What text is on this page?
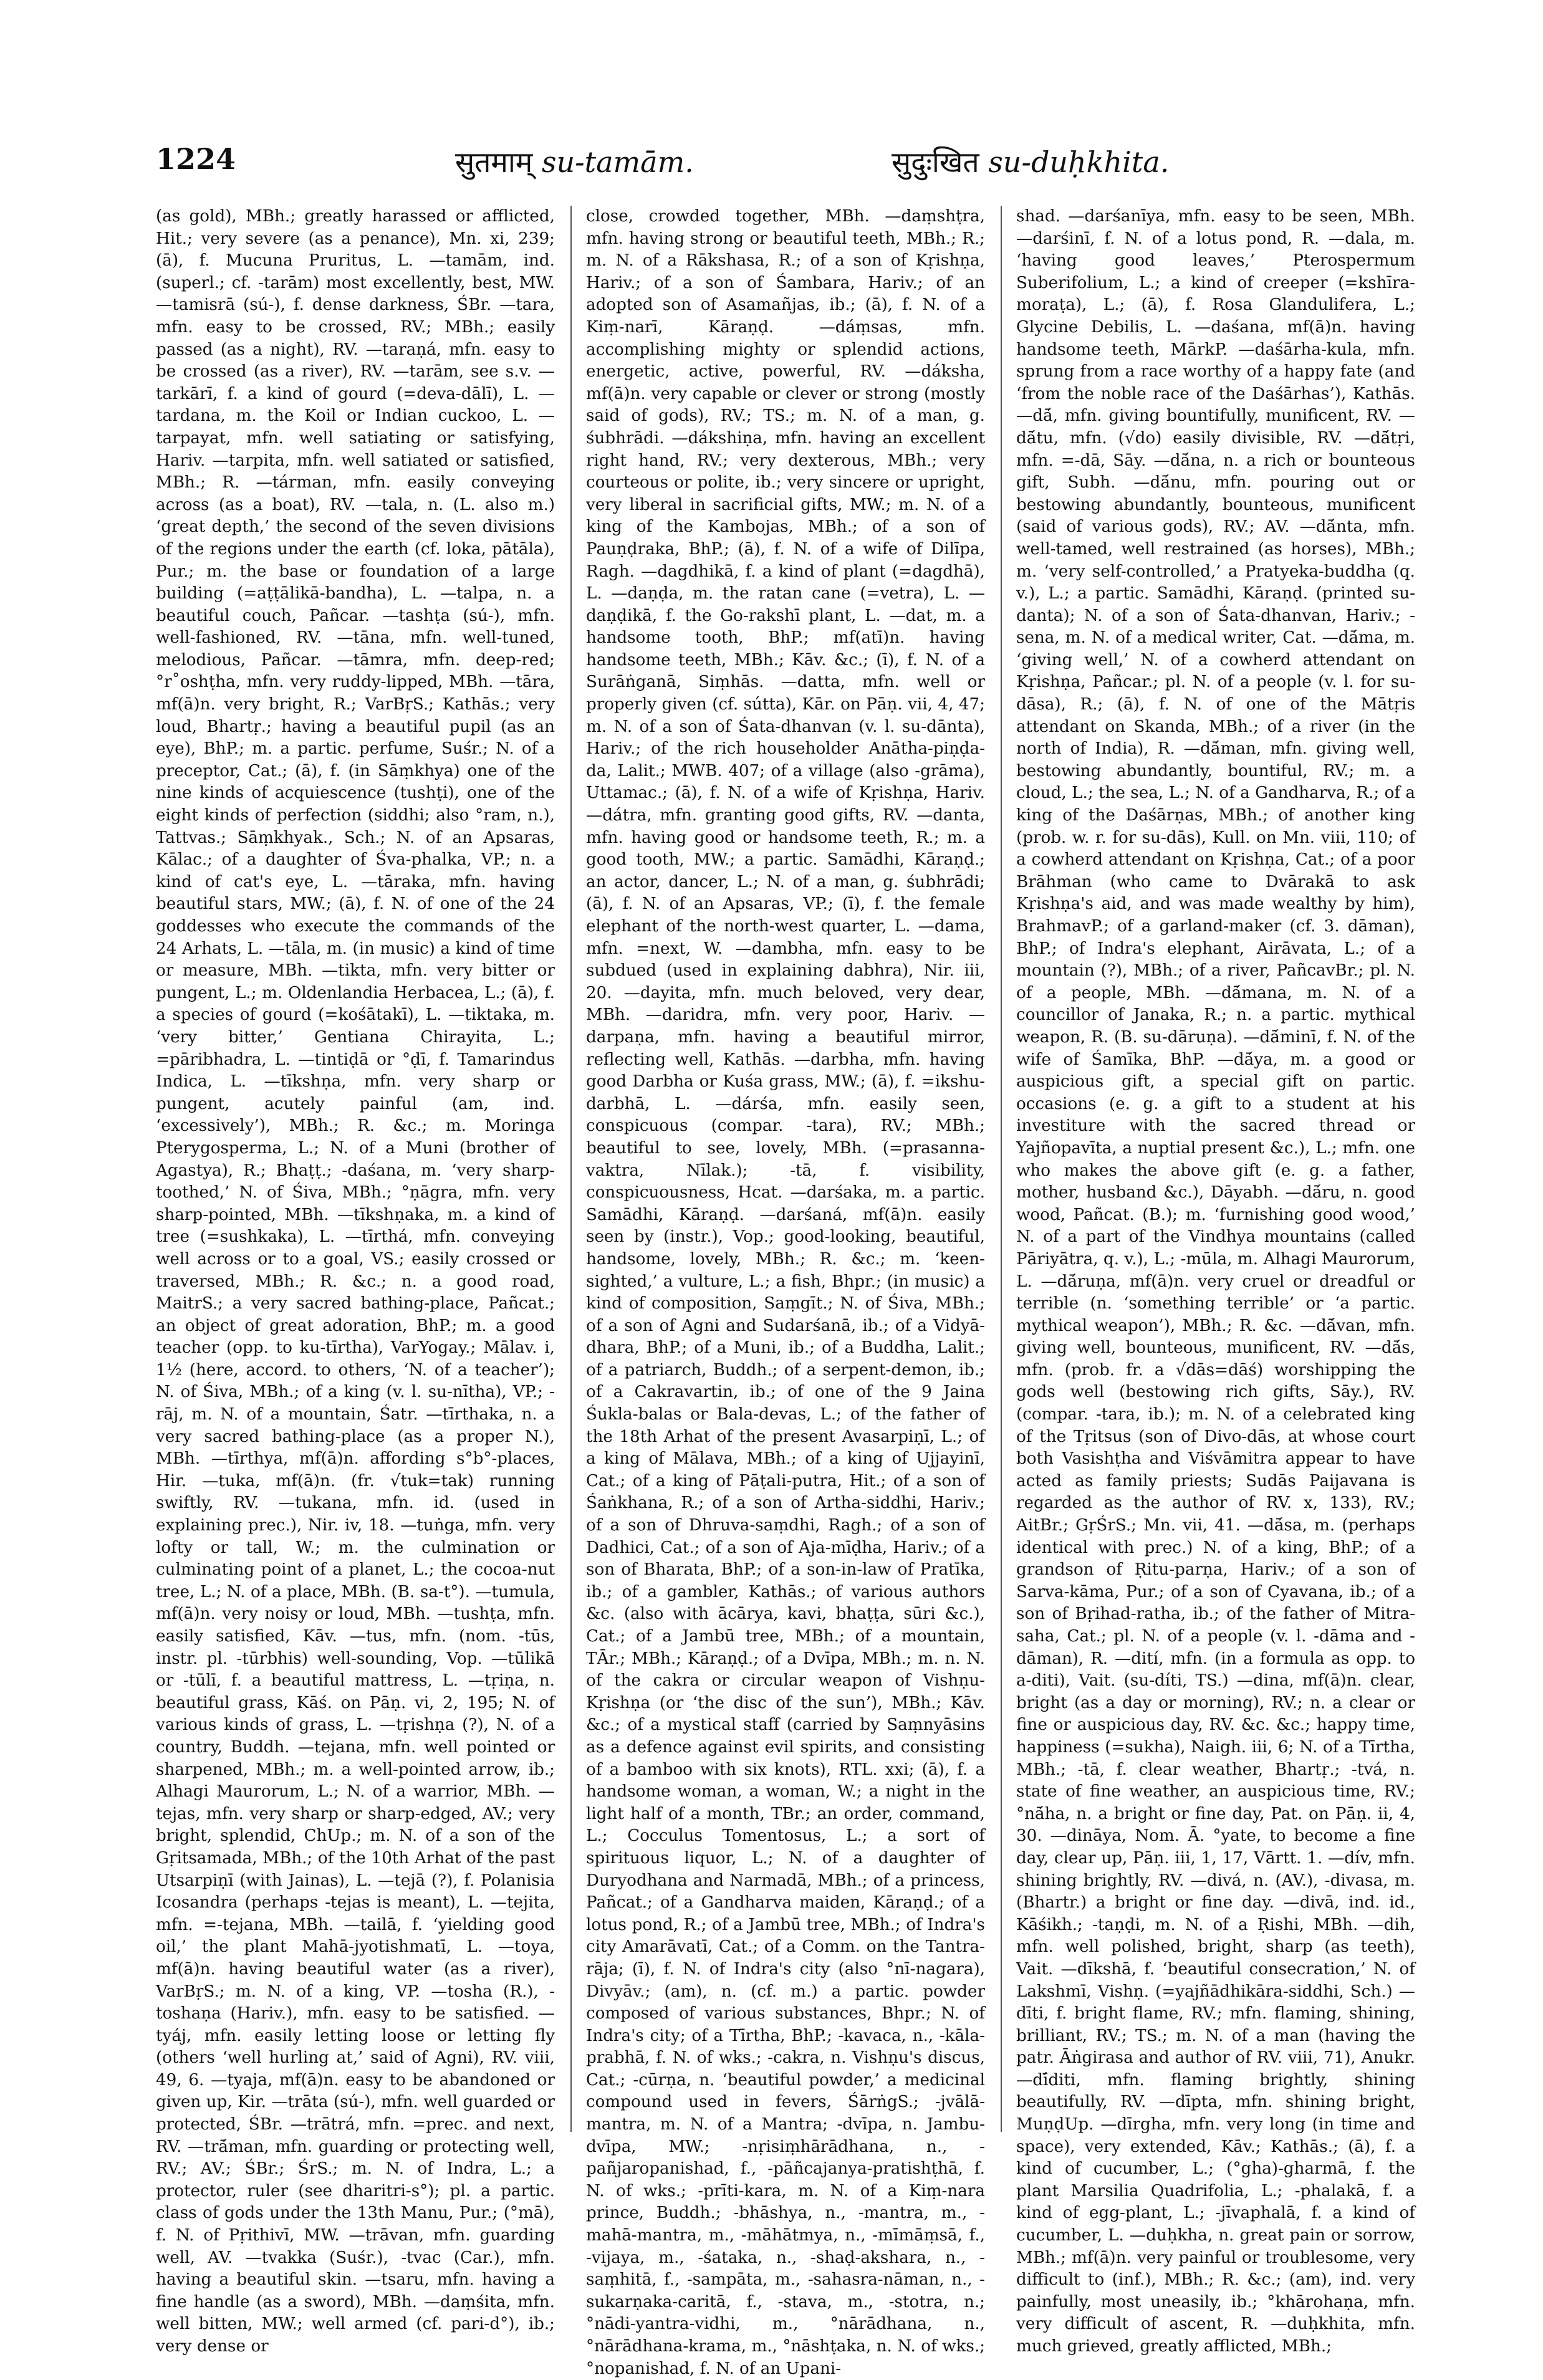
1224	सुतमाम् su-tamām.	सुदुःखित su-duḥkhita.
(as gold), MBh.; greatly harassed or afflicted, Hit.; very severe (as a penance), Mn. xi, 239; (ā), f. Mucuna Pruritus, L. —tamām, ind. (superl.; cf. -tarām) most excellently, best, MW. —tamisrā (sú-), f. dense darkness, ŚBr. —tara, mfn. easy to be crossed, RV.; MBh.; easily passed (as a night), RV. —taraṇá, mfn. easy to be crossed (as a river), RV. —tarām, see s.v. —tarkārī, f. a kind of gourd (=deva-dālī), L. —tardana, m. the Koil or Indian cuckoo, L. —tarpayat, mfn. well satiating or satisfying, Hariv. —tarpita, mfn. well satiated or satisfied, MBh.; R. —tárman, mfn. easily conveying across (as a boat), RV. —tala, n. (L. also m.) ‘great depth,’ the second of the seven divisions of the regions under the earth (cf. loka, pātāla), Pur.; m. the base or foundation of a large building (=aṭṭālikā-bandha), L. —talpa, n. a beautiful couch, Pañcar. —tashṭa (sú-), mfn. well-fashioned, RV. —tāna, mfn. well-tuned, melodious, Pañcar. —tāmra, mfn. deep-red; °r˚oshṭha, mfn. very ruddy-lipped, MBh. —tāra, mf(ā)n. very bright, R.; VarBṛS.; Kathās.; very loud, Bhartṛ.; having a beautiful pupil (as an eye), BhP.; m. a partic. perfume, Suśr.; N. of a preceptor, Cat.; (ā), f. (in Sāṃkhya) one of the nine kinds of acquiescence (tushṭi), one of the eight kinds of perfection (siddhi; also °ram, n.), Tattvas.; Sāṃkhyak., Sch.; N. of an Apsaras, Kālac.; of a daughter of Śva-phalka, VP.; n. a kind of cat's eye, L. —tāraka, mfn. having beautiful stars, MW.; (ā), f. N. of one of the 24 goddesses who execute the commands of the 24 Arhats, L. —tāla, m. (in music) a kind of time or measure, MBh. —tikta, mfn. very bitter or pungent, L.; m. Oldenlandia Herbacea, L.; (ā), f. a species of gourd (=kośātakī), L. —tiktaka, m. ‘very bitter,’ Gentiana Chirayita, L.; =pāribhadra, L. —tintiḍā or °ḍī, f. Tamarindus Indica, L. —tīkshṇa, mfn. very sharp or pungent, acutely painful (am, ind. ‘excessively’), MBh.; R. &c.; m. Moringa Pterygosperma, L.; N. of a Muni (brother of Agastya), R.; Bhaṭṭ.; -daśana, m. ‘very sharp-toothed,’ N. of Śiva, MBh.; °ṇāgra, mfn. very sharp-pointed, MBh. —tīkshṇaka, m. a kind of tree (=sushkaka), L. —tīrthá, mfn. conveying well across or to a goal, VS.; easily crossed or traversed, MBh.; R. &c.; n. a good road, MaitrS.; a very sacred bathing-place, Pañcat.; an object of great adoration, BhP.; m. a good teacher (opp. to ku-tīrtha), VarYogay.; Mālav. i, 1½ (here, accord. to others, ‘N. of a teacher’); N. of Śiva, MBh.; of a king (v. l. su-nītha), VP.; -rāj, m. N. of a mountain, Śatr. —tīrthaka, n. a very sacred bathing-place (as a proper N.), MBh. —tīrthya, mf(ā)n. affording s°b°-places, Hir. —tuka, mf(ā)n. (fr. √tuk=tak) running swiftly, RV. —tukana, mfn. id. (used in explaining prec.), Nir. iv, 18. —tuṅga, mfn. very lofty or tall, W.; m. the culmination or culminating point of a planet, L.; the cocoa-nut tree, L.; N. of a place, MBh. (B. sa-t°). —tumula, mf(ā)n. very noisy or loud, MBh. —tushṭa, mfn. easily satisfied, Kāv. —tus, mfn. (nom. -tūs, instr. pl. -tūrbhis) well-sounding, Vop. —tūlikā or -tūlī, f. a beautiful mattress, L. —tṛiṇa, n. beautiful grass, Kāś. on Pāṇ. vi, 2, 195; N. of various kinds of grass, L. —tṛishṇa (?), N. of a country, Buddh. —tejana, mfn. well pointed or sharpened, MBh.; m. a well-pointed arrow, ib.; Alhagi Maurorum, L.; N. of a warrior, MBh. —tejas, mfn. very sharp or sharp-edged, AV.; very bright, splendid, ChUp.; m. N. of a son of the Gṛitsamada, MBh.; of the 10th Arhat of the past Utsarpiṇī (with Jainas), L. —tejā (?), f. Polanisia Icosandra (perhaps -tejas is meant), L. —tejita, mfn. =-tejana, MBh. —tailā, f. ‘yielding good oil,’ the plant Mahā-jyotishmatī, L. —toya, mf(ā)n. having beautiful water (as a river), VarBṛS.; m. N. of a king, VP. —tosha (R.), -toshaṇa (Hariv.), mfn. easy to be satisfied. —tyáj, mfn. easily letting loose or letting fly (others ‘well hurling at,’ said of Agni), RV. viii, 49, 6. —tyaja, mf(ā)n. easy to be abandoned or given up, Kir. —trāta (sú-), mfn. well guarded or protected, ŚBr. —trātrá, mfn. =prec. and next, RV. —trā́man, mfn. guarding or protecting well, RV.; AV.; ŚBr.; ŚrS.; m. N. of Indra, L.; a protector, ruler (see dharitri-s°); pl. a partic. class of gods under the 13th Manu, Pur.; (°mā), f. N. of Pṛithivī, MW. —trāvan, mfn. guarding well, AV. —tvakka (Suśr.), -tvac (Car.), mfn. having a beautiful skin. —tsaru, mfn. having a fine handle (as a sword), MBh. —daṃśita, mfn. well bitten, MW.; well armed (cf. pari-d°), ib.; very dense or
close, crowded together, MBh. —daṃshṭra, mfn. having strong or beautiful teeth, MBh.; R.; m. N. of a Rākshasa, R.; of a son of Kṛishṇa, Hariv.; of a son of Śambara, Hariv.; of an adopted son of Asamañjas, ib.; (ā), f. N. of a Kiṃ-narī, Kāraṇḍ. —dáṃsas, mfn. accomplishing mighty or splendid actions, energetic, active, powerful, RV. —dáksha, mf(ā)n. very capable or clever or strong (mostly said of gods), RV.; TS.; m. N. of a man, g. śubhrādi. —dákshiṇa, mfn. having an excellent right hand, RV.; very dexterous, MBh.; very courteous or polite, ib.; very sincere or upright, very liberal in sacrificial gifts, MW.; m. N. of a king of the Kambojas, MBh.; of a son of Pauṇḍraka, BhP.; (ā), f. N. of a wife of Dilīpa, Ragh. —dagdhikā, f. a kind of plant (=dagdhā), L. —daṇḍa, m. the ratan cane (=vetra), L. —daṇḍikā, f. the Go-rakshī plant, L. —dat, m. a handsome tooth, BhP.; mf(atī)n. having handsome teeth, MBh.; Kāv. &c.; (ī), f. N. of a Surāṅganā, Siṃhās. —datta, mfn. well or properly given (cf. sútta), Kār. on Pāṇ. vii, 4, 47; m. N. of a son of Śata-dhanvan (v. l. su-dānta), Hariv.; of the rich householder Anātha-piṇḍa-da, Lalit.; MWB. 407; of a village (also -grāma), Uttamac.; (ā), f. N. of a wife of Kṛishṇa, Hariv. —dátra, mfn. granting good gifts, RV. —danta, mfn. having good or handsome teeth, R.; m. a good tooth, MW.; a partic. Samādhi, Kāraṇḍ.; an actor, dancer, L.; N. of a man, g. śubhrādi; (ā), f. N. of an Apsaras, VP.; (ī), f. the female elephant of the north-west quarter, L. —dama, mfn. =next, W. —dambha, mfn. easy to be subdued (used in explaining dabhra), Nir. iii, 20. —dayita, mfn. much beloved, very dear, MBh. —daridra, mfn. very poor, Hariv. —darpaṇa, mfn. having a beautiful mirror, reflecting well, Kathās. —darbha, mfn. having good Darbha or Kuśa grass, MW.; (ā), f. =ikshu-darbhā, L. —dárśa, mfn. easily seen, conspicuous (compar. -tara), RV.; MBh.; beautiful to see, lovely, MBh. (=prasanna-vaktra, Nīlak.); -tā, f. visibility, conspicuousness, Hcat. —darśaka, m. a partic. Samādhi, Kāraṇḍ. —darśaná, mf(ā)n. easily seen by (instr.), Vop.; good-looking, beautiful, handsome, lovely, MBh.; R. &c.; m. ‘keen-sighted,’ a vulture, L.; a fish, Bhpr.; (in music) a kind of composition, Saṃgīt.; N. of Śiva, MBh.; of a son of Agni and Sudarśanā, ib.; of a Vidyā-dhara, BhP.; of a Muni, ib.; of a Buddha, Lalit.; of a patriarch, Buddh.; of a serpent-demon, ib.; of a Cakravartin, ib.; of one of the 9 Jaina Śukla-balas or Bala-devas, L.; of the father of the 18th Arhat of the present Avasarpiṇī, L.; of a king of Mālava, MBh.; of a king of Ujjayinī, Cat.; of a king of Pāṭali-putra, Hit.; of a son of Śaṅkhana, R.; of a son of Artha-siddhi, Hariv.; of a son of Dhruva-saṃdhi, Ragh.; of a son of Dadhici, Cat.; of a son of Aja-mīḍha, Hariv.; of a son of Bharata, BhP.; of a son-in-law of Pratīka, ib.; of a gambler, Kathās.; of various authors &c. (also with ācārya, kavi, bhaṭṭa, sūri &c.), Cat.; of a Jambū tree, MBh.; of a mountain, TĀr.; MBh.; Kāraṇḍ.; of a Dvīpa, MBh.; m. n. N. of the cakra or circular weapon of Vishṇu-Kṛishṇa (or ‘the disc of the sun’), MBh.; Kāv. &c.; of a mystical staff (carried by Saṃnyāsins as a defence against evil spirits, and consisting of a bamboo with six knots), RTL. xxi; (ā), f. a handsome woman, a woman, W.; a night in the light half of a month, TBr.; an order, command, L.; Cocculus Tomentosus, L.; a sort of spirituous liquor, L.; N. of a daughter of Duryodhana and Narmadā, MBh.; of a princess, Pañcat.; of a Gandharva maiden, Kāraṇḍ.; of a lotus pond, R.; of a Jambū tree, MBh.; of Indra's city Amarāvatī, Cat.; of a Comm. on the Tantra-rāja; (ī), f. N. of Indra's city (also °nī-nagara), Divyāv.; (am), n. (cf. m.) a partic. powder composed of various substances, Bhpr.; N. of Indra's city; of a Tīrtha, BhP.; -kavaca, n., -kāla-prabhā, f. N. of wks.; -cakra, n. Vishṇu's discus, Cat.; -cūrṇa, n. ‘beautiful powder,’ a medicinal compound used in fevers, ŚārṅgS.; -jvālā-mantra, m. N. of a Mantra; -dvīpa, n. Jambu-dvīpa, MW.; -nṛisiṃhārādhana, n., -pañjaropanishad, f., -pāñcajanya-pratishṭhā, f. N. of wks.; -prīti-kara, m. N. of a Kiṃ-nara prince, Buddh.; -bhāshya, n., -mantra, m., -mahā-mantra, m., -māhātmya, n., -mīmāṃsā, f., -vijaya, m., -śataka, n., -shaḍ-akshara, n., -saṃhitā, f., -sampāta, m., -sahasra-nāman, n., -sukarṇaka-caritā, f., -stava, m., -stotra, n.; °nādi-yantra-vidhi, m., °nārādhana, n., °nārādhana-krama, m., °nāshṭaka, n. N. of wks.; °nopanishad, f. N. of an Upani-
shad. —darśanīya, mfn. easy to be seen, MBh. —darśinī, f. N. of a lotus pond, R. —dala, m. ‘having good leaves,’ Pterospermum Suberifolium, L.; a kind of creeper (=kshīra-moraṭa), L.; (ā), f. Rosa Glandulifera, L.; Glycine Debilis, L. —daśana, mf(ā)n. having handsome teeth, MārkP. —daśārha-kula, mfn. sprung from a race worthy of a happy fate (and ‘from the noble race of the Daśārhas’), Kathās. —dā́, mfn. giving bountifully, munificent, RV. —dā́tu, mfn. (√do) easily divisible, RV. —dā́tṛi, mfn. =-dā, Sāy. —dā́na, n. a rich or bounteous gift, Subh. —dā́nu, mfn. pouring out or bestowing abundantly, bounteous, munificent (said of various gods), RV.; AV. —dā́nta, mfn. well-tamed, well restrained (as horses), MBh.; m. ‘very self-controlled,’ a Pratyeka-buddha (q. v.), L.; a partic. Samādhi, Kāraṇḍ. (printed su-danta); N. of a son of Śata-dhanvan, Hariv.; -sena, m. N. of a medical writer, Cat. —dā́ma, m. ‘giving well,’ N. of a cowherd attendant on Kṛishṇa, Pañcar.; pl. N. of a people (v. l. for su-dāsa), R.; (ā), f. N. of one of the Mātṛis attendant on Skanda, MBh.; of a river (in the north of India), R. —dā́man, mfn. giving well, bestowing abundantly, bountiful, RV.; m. a cloud, L.; the sea, L.; N. of a Gandharva, R.; of a king of the Daśārṇas, MBh.; of another king (prob. w. r. for su-dās), Kull. on Mn. viii, 110; of a cowherd attendant on Kṛishṇa, Cat.; of a poor Brāhman (who came to Dvārakā to ask Kṛishṇa's aid, and was made wealthy by him), BrahmavP.; of a garland-maker (cf. 3. dāman), BhP.; of Indra's elephant, Airāvata, L.; of a mountain (?), MBh.; of a river, PañcavBr.; pl. N. of a people, MBh. —dā́mana, m. N. of a councillor of Janaka, R.; n. a partic. mythical weapon, R. (B. su-dāruṇa). —dā́minī, f. N. of the wife of Śamīka, BhP. —dā́ya, m. a good or auspicious gift, a special gift on partic. occasions (e. g. a gift to a student at his investiture with the sacred thread or Yajñopavīta, a nuptial present &c.), L.; mfn. one who makes the above gift (e. g. a father, mother, husband &c.), Dāyabh. —dā́ru, n. good wood, Pañcat. (B.); m. ‘furnishing good wood,’ N. of a part of the Vindhya mountains (called Pāriyātra, q. v.), L.; -mūla, m. Alhagi Maurorum, L. —dā́ruṇa, mf(ā)n. very cruel or dreadful or terrible (n. ‘something terrible’ or ‘a partic. mythical weapon’), MBh.; R. &c. —dā́van, mfn. giving well, bounteous, munificent, RV. —dā́s, mfn. (prob. fr. a √dās=dāś) worshipping the gods well (bestowing rich gifts, Sāy.), RV. (compar. -tara, ib.); m. N. of a celebrated king of the Tṛitsus (son of Divo-dās, at whose court both Vasishṭha and Viśvāmitra appear to have acted as family priests; Sudās Paijavana is regarded as the author of RV. x, 133), RV.; AitBr.; GṛŚrS.; Mn. vii, 41. —dā́sa, m. (perhaps identical with prec.) N. of a king, BhP.; of a grandson of Ṛitu-parṇa, Hariv.; of a son of Sarva-kāma, Pur.; of a son of Cyavana, ib.; of a son of Bṛihad-ratha, ib.; of the father of Mitra-saha, Cat.; pl. N. of a people (v. l. -dāma and -dāman), R. —dití, mfn. (in a formula as opp. to a-diti), Vait. (su-díti, TS.) —dina, mf(ā)n. clear, bright (as a day or morning), RV.; n. a clear or fine or auspicious day, RV. &c. &c.; happy time, happiness (=sukha), Naigh. iii, 6; N. of a Tīrtha, MBh.; -tā, f. clear weather, Bhartṛ.; -tvá, n. state of fine weather, an auspicious time, RV.; °nā́ha, n. a bright or fine day, Pat. on Pāṇ. ii, 4, 30. —dināya, Nom. Ā. °yate, to become a fine day, clear up, Pāṇ. iii, 1, 17, Vārtt. 1. —dív, mfn. shining brightly, RV. —divá, n. (AV.), -divasa, m. (Bhartr.) a bright or fine day. —divā, ind. id., Kāśikh.; -taṇḍi, m. N. of a Ṛishi, MBh. —dih, mfn. well polished, bright, sharp (as teeth), Vait. —dīkshā, f. ‘beautiful consecration,’ N. of Lakshmī, Vishṇ. (=yajñādhikāra-siddhi, Sch.) —dīti, f. bright flame, RV.; mfn. flaming, shining, brilliant, RV.; TS.; m. N. of a man (having the patr. Āṅgirasa and author of RV. viii, 71), Anukr. —dī́diti, mfn. flaming brightly, shining beautifully, RV. —dīpta, mfn. shining bright, MuṇḍUp. —dīrgha, mfn. very long (in time and space), very extended, Kāv.; Kathās.; (ā), f. a kind of cucumber, L.; (°gha)-gharmā, f. the plant Marsilia Quadrifolia, L.; -phalakā, f. a kind of egg-plant, L.; -jīvaphalā, f. a kind of cucumber, L. —duḥkha, n. great pain or sorrow, MBh.; mf(ā)n. very painful or troublesome, very difficult to (inf.), MBh.; R. &c.; (am), ind. very painfully, most uneasily, ib.; °khārohaṇa, mfn. very difficult of ascent, R. —duḥkhita, mfn. much grieved, greatly afflicted, MBh.;
